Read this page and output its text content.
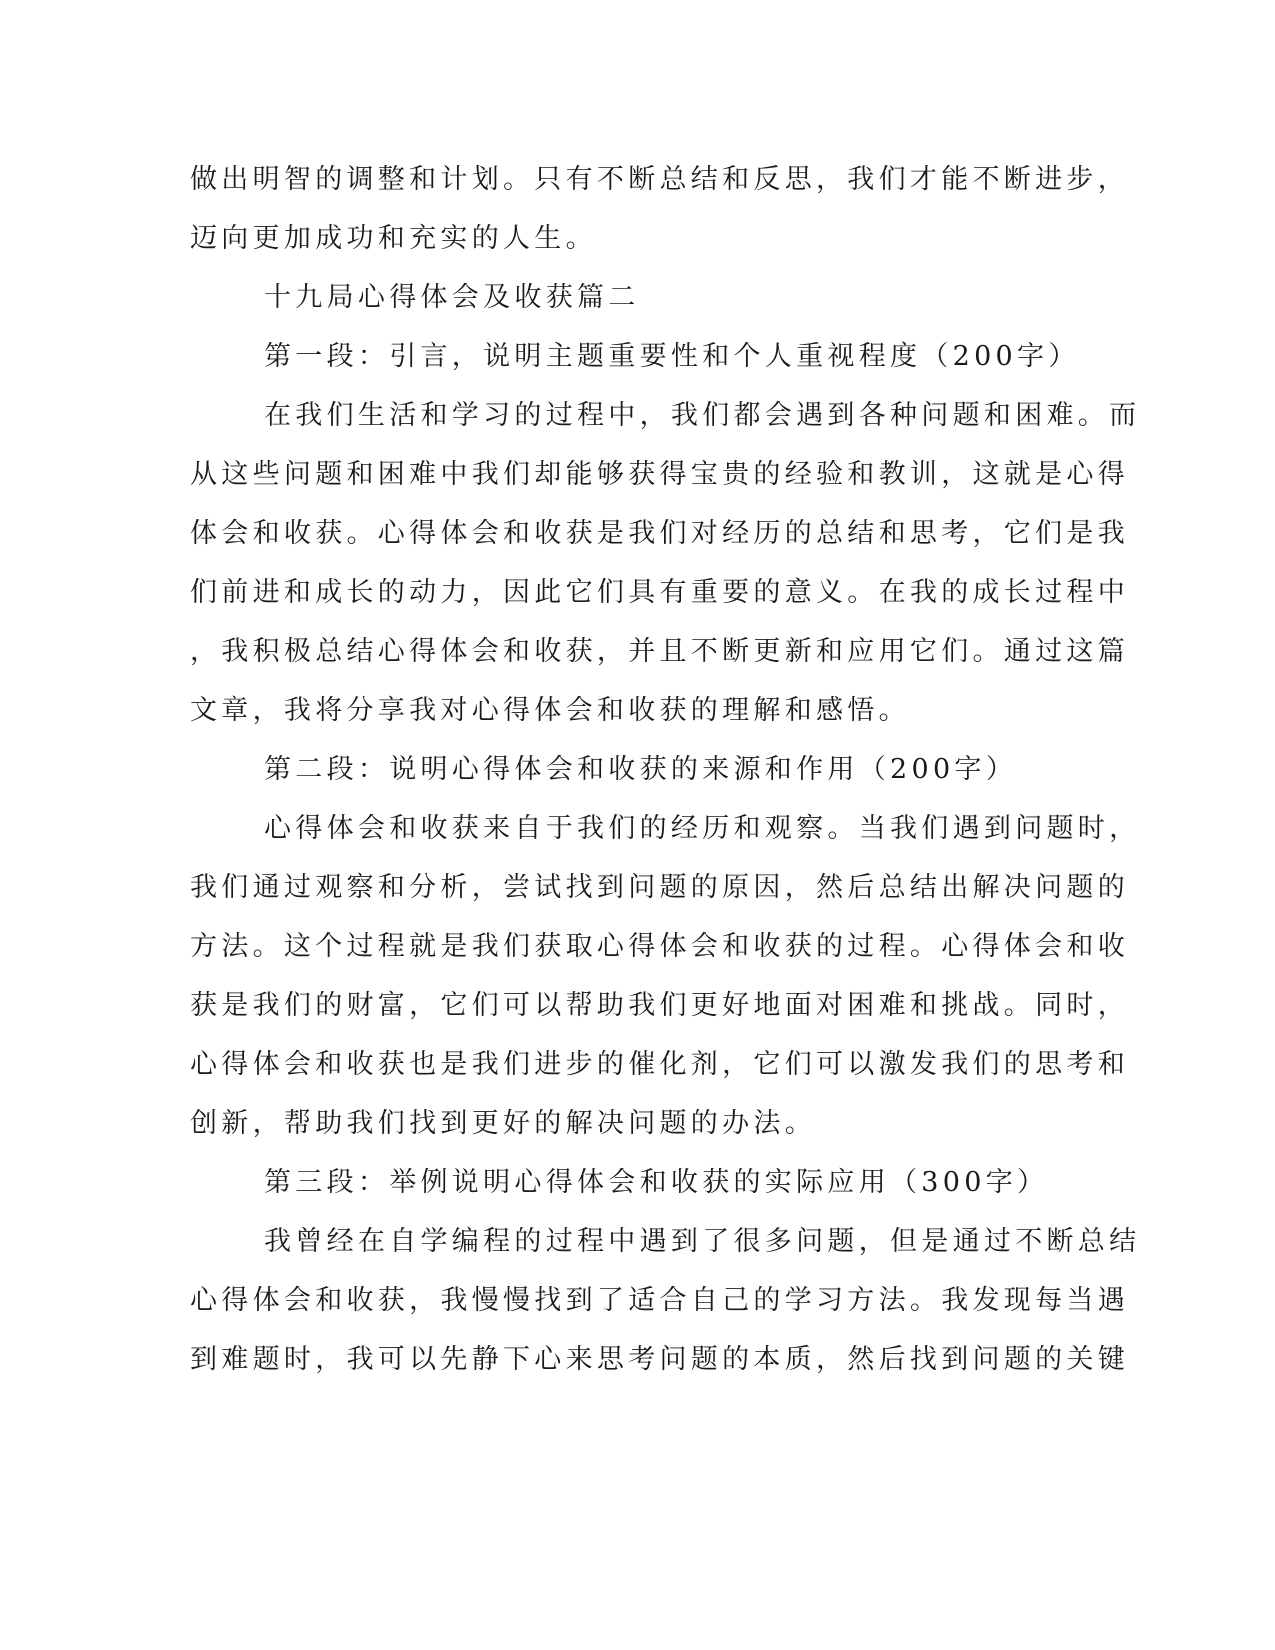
做出明智的调整和计划。只有不断总结和反思，我们才能不断进步，
迈向更加成功和充实的人生。
十九局心得体会及收获篇二
第一段：引言，说明主题重要性和个人重视程度（200字）
在我们生活和学习的过程中，我们都会遇到各种问题和困难。而
从这些问题和困难中我们却能够获得宝贵的经验和教训，这就是心得
体会和收获。心得体会和收获是我们对经历的总结和思考，它们是我
们前进和成长的动力，因此它们具有重要的意义。在我的成长过程中
，我积极总结心得体会和收获，并且不断更新和应用它们。通过这篇
文章，我将分享我对心得体会和收获的理解和感悟。
第二段：说明心得体会和收获的来源和作用（200字）
心得体会和收获来自于我们的经历和观察。当我们遇到问题时，
我们通过观察和分析，尝试找到问题的原因，然后总结出解决问题的
方法。这个过程就是我们获取心得体会和收获的过程。心得体会和收
获是我们的财富，它们可以帮助我们更好地面对困难和挑战。同时，
心得体会和收获也是我们进步的催化剂，它们可以激发我们的思考和
创新，帮助我们找到更好的解决问题的办法。
第三段：举例说明心得体会和收获的实际应用（300字）
我曾经在自学编程的过程中遇到了很多问题，但是通过不断总结
心得体会和收获，我慢慢找到了适合自己的学习方法。我发现每当遇
到难题时，我可以先静下心来思考问题的本质，然后找到问题的关键
